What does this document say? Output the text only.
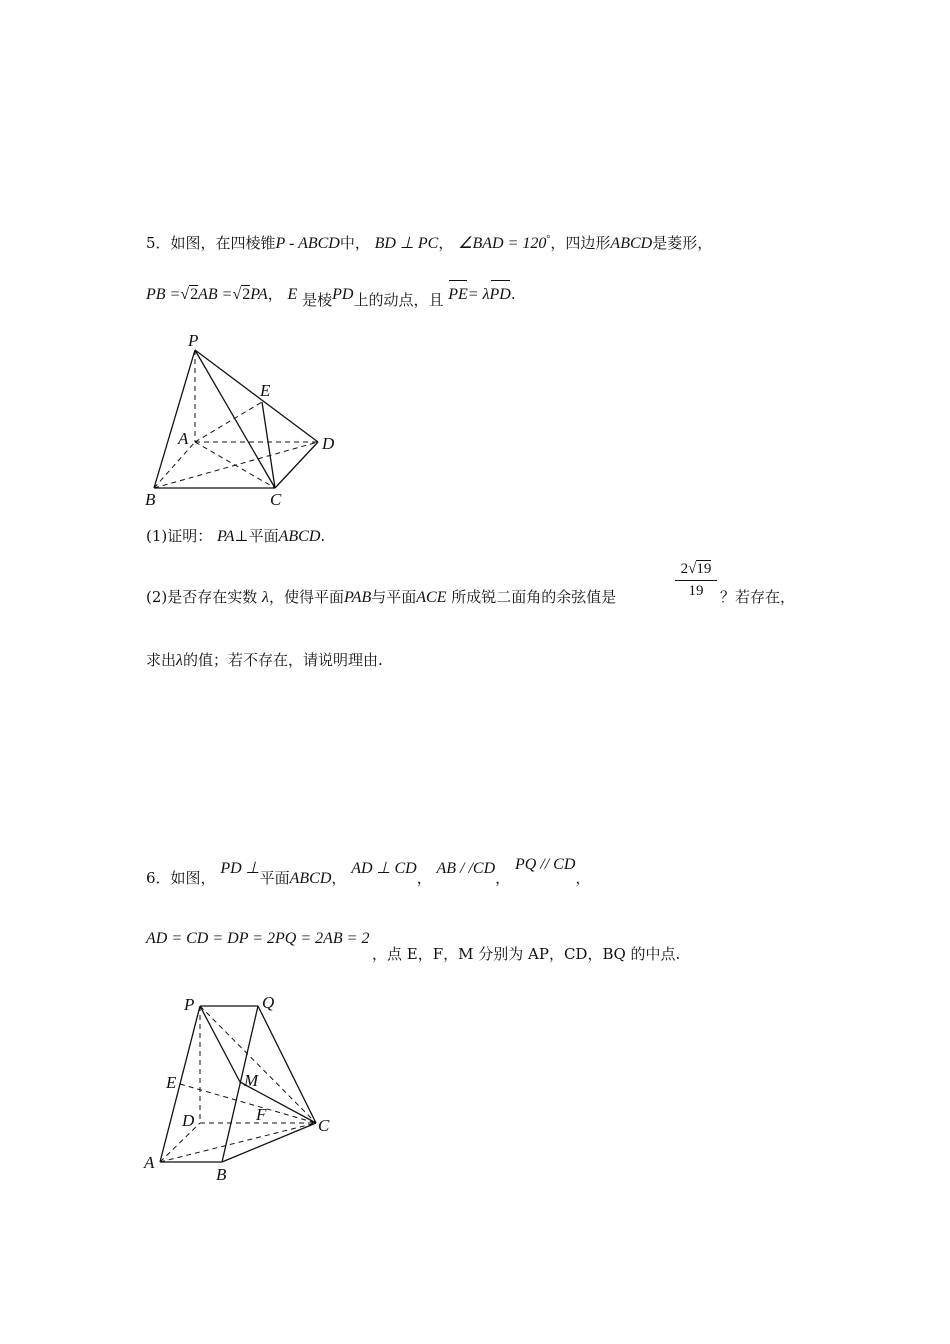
5．如图，在四棱锥P - ABCD中， BD ⊥ PC， ∠BAD = 120°，四边形ABCD是菱形，
PB =√2AB =√2PA， E 是棱PD上的动点，且 PE= λPD.
P
E
A	D
B	C
(1)证明： PA⊥平面ABCD.
(2)是否存在实数 λ，使得平面PAB与平面ACE 所成锐二面角的余弦值是
2√19
19	？若存在，
求出λ的值；若不存在，请说明理由.
6．如图， PD ⊥平面ABCD， AD ⊥ CD， AB / /CD， PQ // CD，
AD = CD = DP = 2PQ = 2AB = 2
，点 E，F，M 分别为 AP，CD，BQ 的中点.
P	Q
E	M
D	F
C
A
B
